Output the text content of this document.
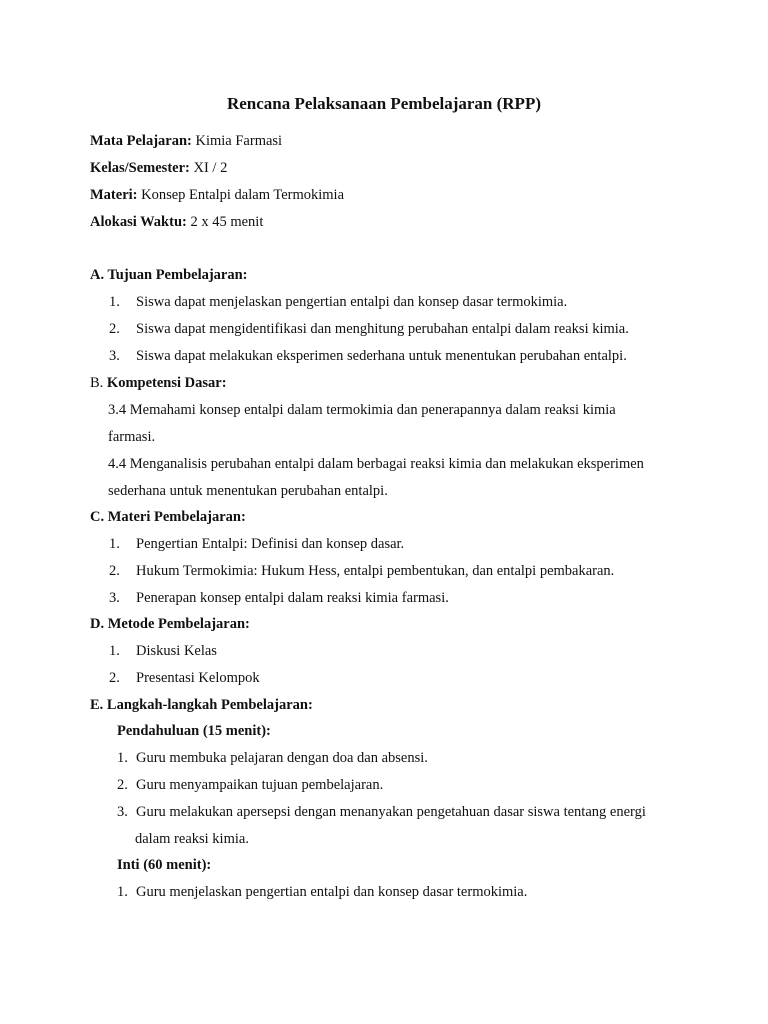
Rencana Pelaksanaan Pembelajaran (RPP)
Mata Pelajaran: Kimia Farmasi
Kelas/Semester: XI / 2
Materi: Konsep Entalpi dalam Termokimia
Alokasi Waktu: 2 x 45 menit
A. Tujuan Pembelajaran:
1. Siswa dapat menjelaskan pengertian entalpi dan konsep dasar termokimia.
2. Siswa dapat mengidentifikasi dan menghitung perubahan entalpi dalam reaksi kimia.
3. Siswa dapat melakukan eksperimen sederhana untuk menentukan perubahan entalpi.
B. Kompetensi Dasar:
3.4 Memahami konsep entalpi dalam termokimia dan penerapannya dalam reaksi kimia
farmasi.
4.4 Menganalisis perubahan entalpi dalam berbagai reaksi kimia dan melakukan eksperimen
sederhana untuk menentukan perubahan entalpi.
C. Materi Pembelajaran:
1. Pengertian Entalpi: Definisi dan konsep dasar.
2. Hukum Termokimia: Hukum Hess, entalpi pembentukan, dan entalpi pembakaran.
3. Penerapan konsep entalpi dalam reaksi kimia farmasi.
D. Metode Pembelajaran:
1. Diskusi Kelas
2. Presentasi Kelompok
E. Langkah-langkah Pembelajaran:
Pendahuluan (15 menit):
1. Guru membuka pelajaran dengan doa dan absensi.
2. Guru menyampaikan tujuan pembelajaran.
3. Guru melakukan apersepsi dengan menanyakan pengetahuan dasar siswa tentang energi
dalam reaksi kimia.
Inti (60 menit):
1. Guru menjelaskan pengertian entalpi dan konsep dasar termokimia.
